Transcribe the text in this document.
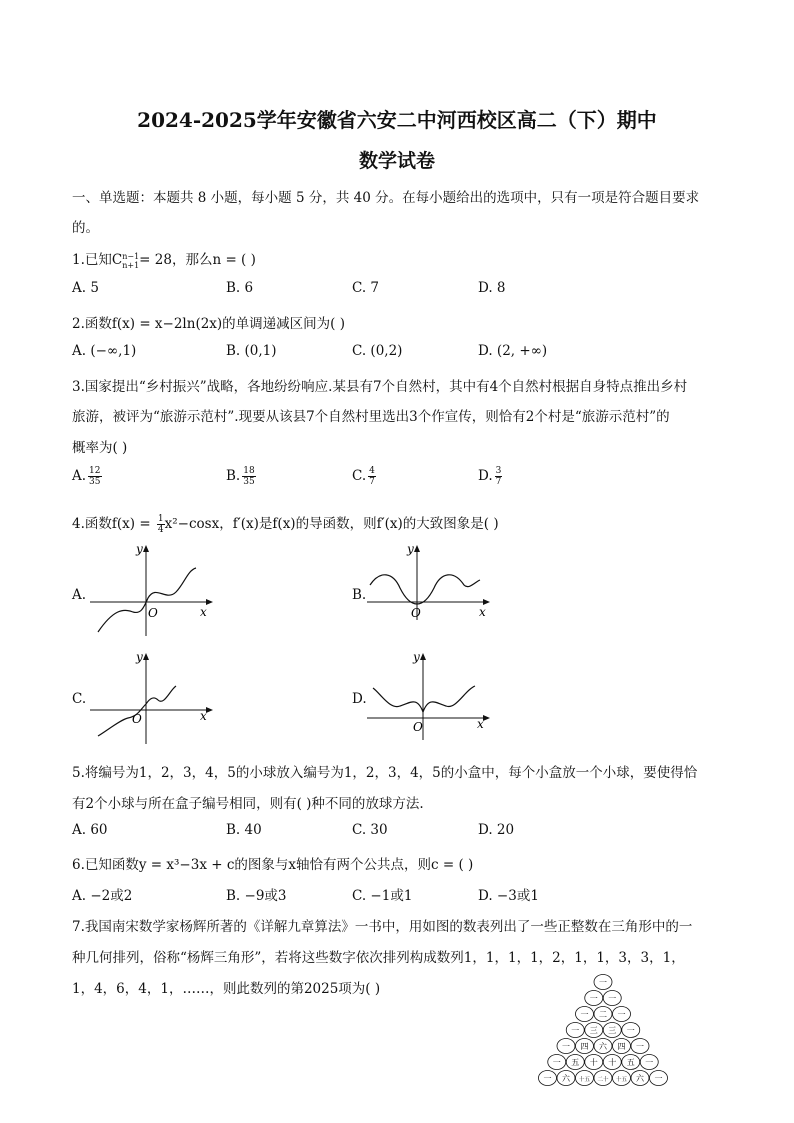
2024-2025学年安徽省六安二中河西校区高二（下）期中
数学试卷
一、单选题：本题共 8 小题，每小题 5 分，共 40 分。在每小题给出的选项中，只有一项是符合题目要求
的。
1.已知C n−1
n+1 = 28，那么n = ( )
A. 5	B. 6	C. 7	D. 8
2.函数f(x) = x−2ln(2x)的单调递减区间为( )
A. (−∞,1)	B. (0,1)	C. (0,2)	D. (2, +∞)
3.国家提出“乡村振兴”战略，各地纷纷响应.某县有7个自然村，其中有4个自然村根据自身特点推出乡村
旅游，被评为“旅游示范村”.现要从该县7个自然村里选出3个作宣传，则恰有2个村是“旅游示范村”的
概率为( )
A. $\frac{12}{35}$	B. $\frac{18}{35}$	C. $\frac{4}{7}$	D. $\frac{3}{7}$
4.函数$f(x) = \frac{1}{4} x^2-\cos x$，f′(x)是f(x)的导函数，则f′(x)的大致图象是( )
A.	B.
C.	D.
y
x
O
y
x
O
y
x
O
y
x
O
5.将编号为1，2，3，4，5的小球放入编号为1，2，3，4，5的小盒中，每个小盒放一个小球，要使得恰
有2个小球与所在盒子编号相同，则有( )种不同的放球方法.
A. 60	B. 40	C. 30	D. 20
6.已知函数y = x³−3x + c的图象与x轴恰有两个公共点，则c = ( )
A. −2或2	B. −9或3	C. −1或1	D. −3或1
7.我国南宋数学家杨辉所著的《详解九章算法》一书中，用如图的数表列出了一些正整数在三角形中的一
种几何排列，俗称“杨辉三角形”，若将这些数字依次排列构成数列1，1，1，1，2，1，1，3，3，1，
1，4，6，4，1，……，则此数列的第2025项为( )	一
一 一
一 二 一
一 三 三 一
一 四 六 四 一
一 五 十 十 五 一
一 六 十五 二十 十五 六 一
